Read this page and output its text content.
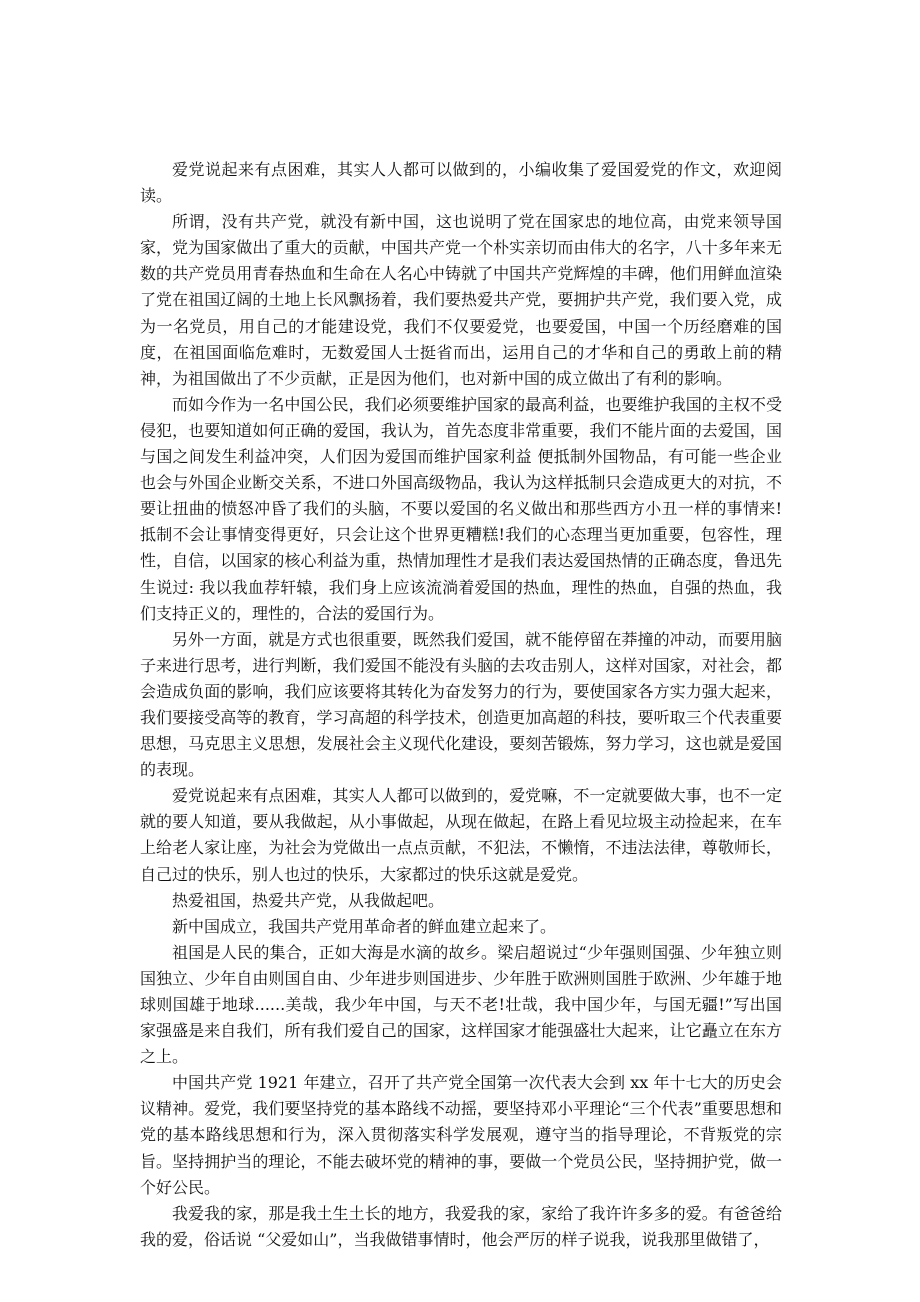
爱党说起来有点困难，其实人人都可以做到的，小编收集了爱国爱党的作文，欢迎阅读。

所谓，没有共产党，就没有新中国，这也说明了党在国家忠的地位高，由党来领导国家，党为国家做出了重大的贡献，中国共产党一个朴实亲切而由伟大的名字，八十多年来无数的共产党员用青春热血和生命在人名心中铸就了中国共产党辉煌的丰碑，他们用鲜血渲染了党在祖国辽阔的土地上长风飘扬着，我们要热爱共产党，要拥护共产党，我们要入党，成为一名党员，用自己的才能建设党，我们不仅要爱党，也要爱国，中国一个历经磨难的国度，在祖国面临危难时，无数爱国人士挺省而出，运用自己的才华和自己的勇敢上前的精神，为祖国做出了不少贡献，正是因为他们，也对新中国的成立做出了有利的影响。

而如今作为一名中国公民，我们必须要维护国家的最高利益，也要维护我国的主权不受侵犯，也要知道如何正确的爱国，我认为，首先态度非常重要，我们不能片面的去爱国，国与国之间发生利益冲突，人们因为爱国而维护国家利益 便抵制外国物品，有可能一些企业也会与外国企业断交关系，不进口外国高级物品，我认为这样抵制只会造成更大的对抗，不要让扭曲的愤怒冲昏了我们的头脑，不要以爱国的名义做出和那些西方小丑一样的事情来!抵制不会让事情变得更好，只会让这个世界更糟糕!我们的心态理当更加重要，包容性，理性，自信，以国家的核心利益为重，热情加理性才是我们表达爱国热情的正确态度，鲁迅先生说过: 我以我血荐轩辕，我们身上应该流淌着爱国的热血，理性的热血，自强的热血，我们支持正义的，理性的，合法的爱国行为。

另外一方面，就是方式也很重要，既然我们爱国，就不能停留在莽撞的冲动，而要用脑子来进行思考，进行判断，我们爱国不能没有头脑的去攻击别人，这样对国家，对社会，都会造成负面的影响，我们应该要将其转化为奋发努力的行为，要使国家各方实力强大起来，我们要接受高等的教育，学习高超的科学技术，创造更加高超的科技，要听取三个代表重要思想，马克思主义思想，发展社会主义现代化建设，要刻苦锻炼，努力学习，这也就是爱国的表现。

爱党说起来有点困难，其实人人都可以做到的，爱党嘛，不一定就要做大事，也不一定就的要人知道，要从我做起，从小事做起，从现在做起，在路上看见垃圾主动捡起来，在车上给老人家让座，为社会为党做出一点点贡献，不犯法，不懒惰，不违法法律，尊敬师长，自己过的快乐，别人也过的快乐，大家都过的快乐这就是爱党。

热爱祖国，热爱共产党，从我做起吧。

新中国成立，我国共产党用革命者的鲜血建立起来了。

祖国是人民的集合，正如大海是水滴的故乡。梁启超说过“少年强则国强、少年独立则国独立、少年自由则国自由、少年进步则国进步、少年胜于欧洲则国胜于欧洲、少年雄于地球则国雄于地球......美哉，我少年中国，与天不老!壮哉，我中国少年，与国无疆!”写出国家强盛是来自我们，所有我们爱自己的国家，这样国家才能强盛壮大起来，让它矗立在东方之上。

中国共产党 1921 年建立，召开了共产党全国第一次代表大会到 xx 年十七大的历史会议精神。爱党，我们要坚持党的基本路线不动摇，要坚持邓小平理论“三个代表”重要思想和党的基本路线思想和行为，深入贯彻落实科学发展观，遵守当的指导理论，不背叛党的宗旨。坚持拥护当的理论，不能去破坏党的精神的事，要做一个党员公民，坚持拥护党，做一个好公民。

我爱我的家，那是我土生土长的地方，我爱我的家，家给了我许许多多的爱。有爸爸给我的爱，俗话说 “父爱如山”，当我做错事情时，他会严厉的样子说我，说我那里做错了，
